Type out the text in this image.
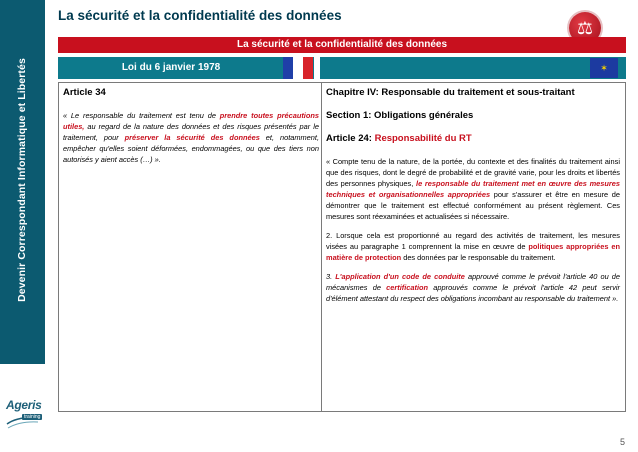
Devenir Correspondant Informatique et Libertés
Ageris
training
La sécurité et la confidentialité des données
⚖
La sécurité et la confidentialité des données
Loi du 6 janvier 1978	✶

Article 34

« Le responsable du traitement est tenu de prendre toutes précautions utiles, au regard de la nature des données et des risques présentés par le traitement, pour préserver la sécurité des données et, notamment, empêcher qu'elles soient déformées, endommagées, ou que des tiers non autorisés y aient accès (…) ».

Chapitre IV: Responsable du traitement et sous-traitant

Section 1: Obligations générales

Article 24: Responsabilité du RT

« Compte tenu de la nature, de la portée, du contexte et des finalités du traitement ainsi que des risques, dont le degré de probabilité et de gravité varie, pour les droits et libertés des personnes physiques, le responsable du traitement met en œuvre des mesures techniques et organisationnelles appropriées pour s'assurer et être en mesure de démontrer que le traitement est effectué conformément au présent règlement. Ces mesures sont réexaminées et actualisées si nécessaire.

2. Lorsque cela est proportionné au regard des activités de traitement, les mesures visées au paragraphe 1 comprennent la mise en œuvre de politiques appropriées en matière de protection des données par le responsable du traitement.

3. L'application d'un code de conduite approuvé comme le prévoit l'article 40 ou de mécanismes de certification approuvés comme le prévoit l'article 42 peut servir d'élément attestant du respect des obligations incombant au responsable du traitement ».

5
